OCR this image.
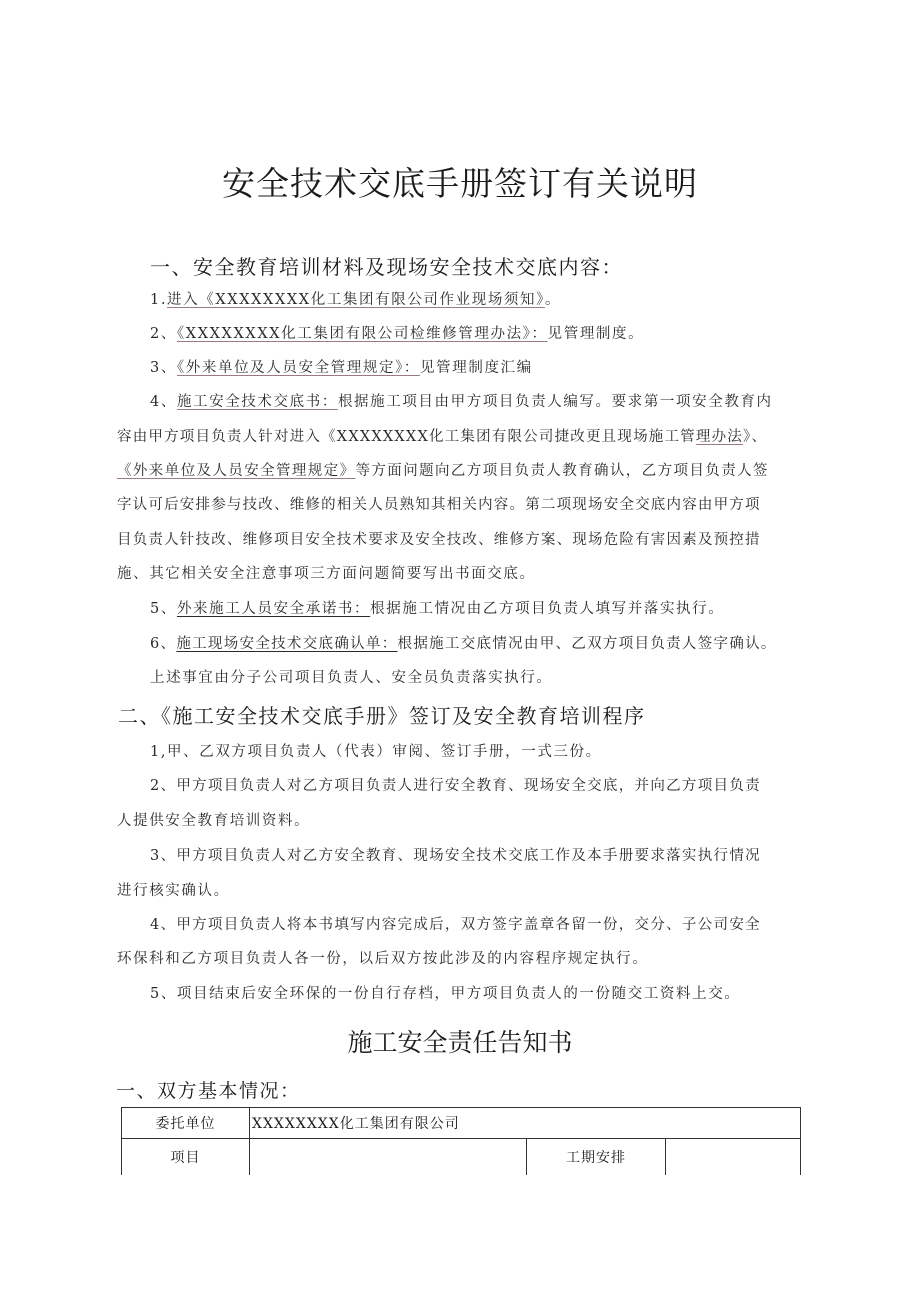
安全技术交底手册签订有关说明
一、安全教育培训材料及现场安全技术交底内容：
1.进入《XXXXXXXX化工集团有限公司作业现场须知》。
2、《XXXXXXXX化工集团有限公司检维修管理办法》：见管理制度。
3、《外来单位及人员安全管理规定》：见管理制度汇编
4、施工安全技术交底书：根据施工项目由甲方项目负责人编写。要求第一项安全教育内
容由甲方项目负责人针对进入《XXXXXXXX化工集团有限公司捷改更且现场施工管理办法》、
《外来单位及人员安全管理规定》等方面问题向乙方项目负责人教育确认，乙方项目负责人签
字认可后安排参与技改、维修的相关人员熟知其相关内容。第二项现场安全交底内容由甲方项
目负责人针技改、维修项目安全技术要求及安全技改、维修方案、现场危险有害因素及预控措
施、其它相关安全注意事项三方面问题简要写出书面交底。
5、外来施工人员安全承诺书：根据施工情况由乙方项目负责人填写并落实执行。
6、施工现场安全技术交底确认单：根据施工交底情况由甲、乙双方项目负责人签字确认。
上述事宜由分子公司项目负责人、安全员负责落实执行。
二、《施工安全技术交底手册》签订及安全教育培训程序
1,甲、乙双方项目负责人（代表）审阅、签订手册，一式三份。
2、甲方项目负责人对乙方项目负责人进行安全教育、现场安全交底，并向乙方项目负责
人提供安全教育培训资料。
3、甲方项目负责人对乙方安全教育、现场安全技术交底工作及本手册要求落实执行情况
进行核实确认。
4、甲方项目负责人将本书填写内容完成后，双方签字盖章各留一份，交分、子公司安全
环保科和乙方项目负责人各一份，以后双方按此涉及的内容程序规定执行。
5、项目结束后安全环保的一份自行存档，甲方项目负责人的一份随交工资料上交。
施工安全责任告知书
一、双方基本情况：
委托单位	XXXXXXXX化工集团有限公司		
项目		工期安排	
